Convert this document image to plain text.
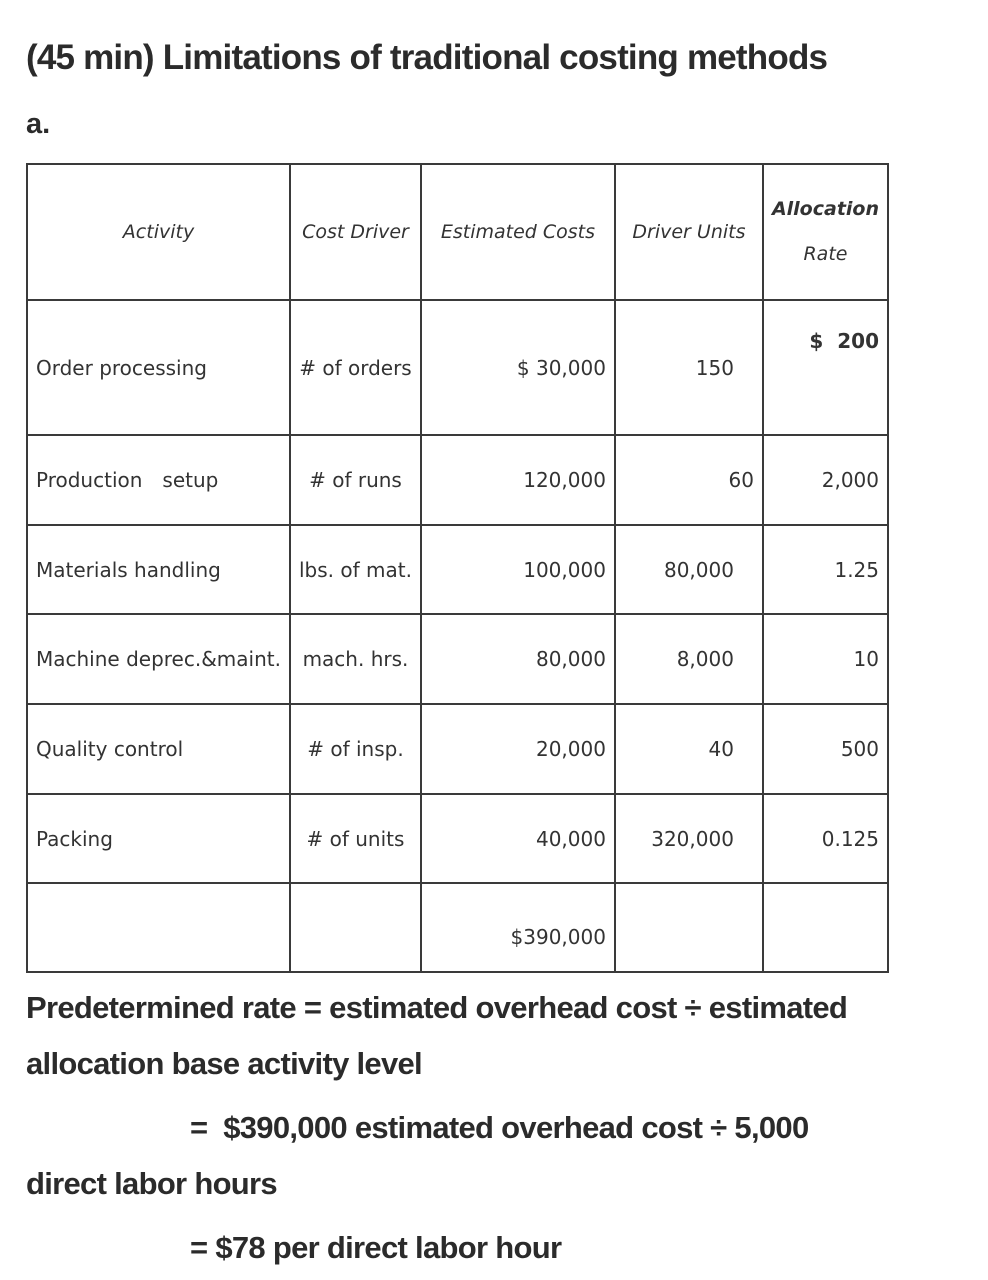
(45 min) Limitations of traditional costing methods
a.
Activity	Cost Driver	Estimated Costs	Driver Units	Allocation
Rate

Order processing	# of orders	$ 30,000	150	$  200
Production setup	# of runs	120,000	60	2,000
Materials handling	lbs. of mat.	100,000	80,000	1.25
Machine deprec.&maint.	mach. hrs.	80,000	8,000	10
Quality control	# of insp.	20,000	40	500
Packing	# of units	40,000	320,000	0.125
		$390,000		
Predetermined rate = estimated overhead cost ÷ estimated
allocation base activity level
=  $390,000 estimated overhead cost ÷ 5,000
direct labor hours
= $78 per direct labor hour
